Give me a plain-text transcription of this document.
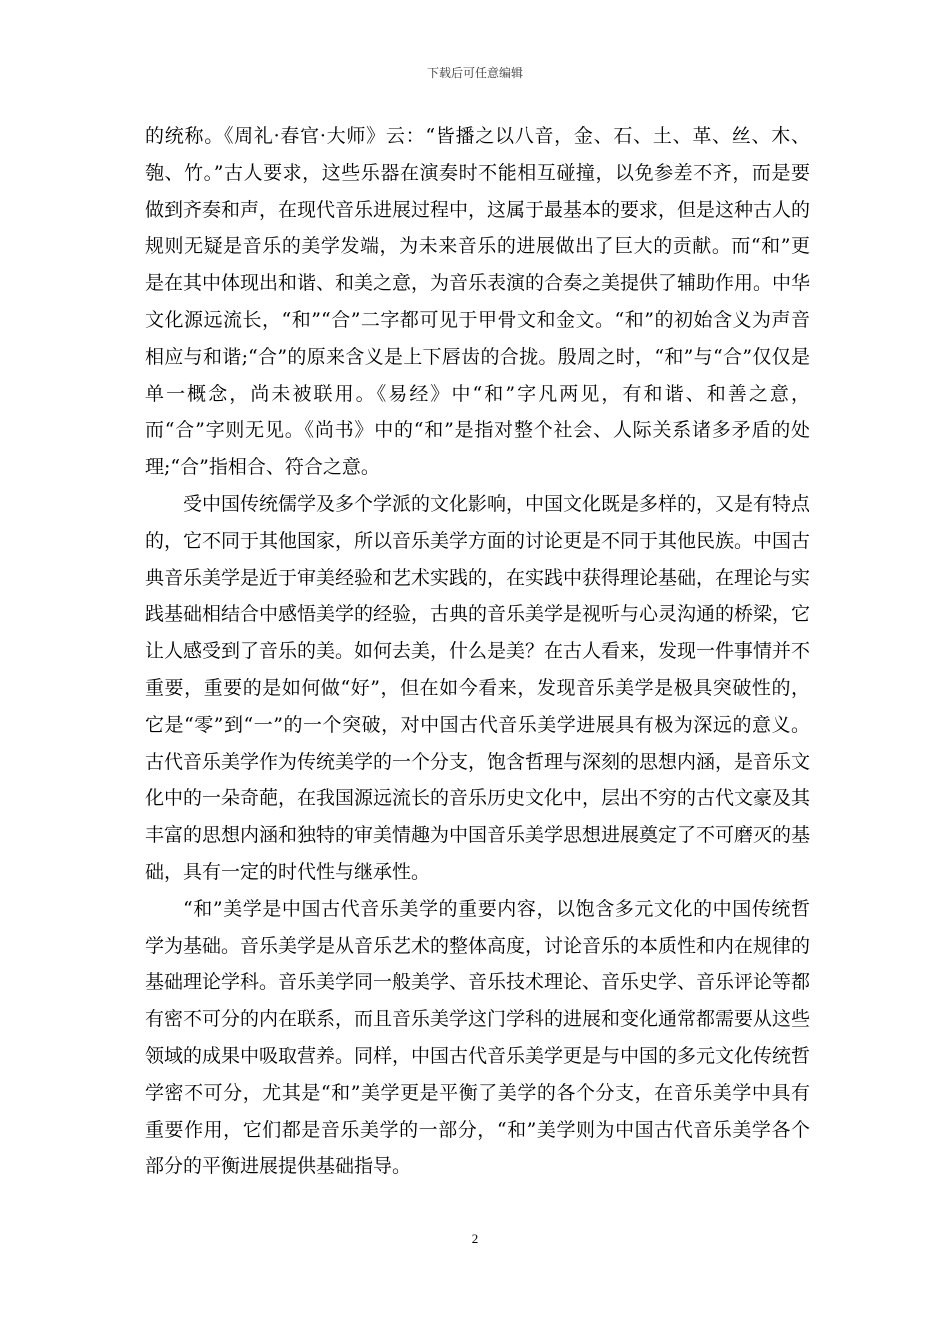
下载后可任意编辑

的统称。《周礼·春官·大师》云：“皆播之以八音，金、石、土、革、丝、木、匏、竹。”古人要求，这些乐器在演奏时不能相互碰撞，以免参差不齐，而是要做到齐奏和声，在现代音乐进展过程中，这属于最基本的要求，但是这种古人的规则无疑是音乐的美学发端，为未来音乐的进展做出了巨大的贡献。而“和”更是在其中体现出和谐、和美之意，为音乐表演的合奏之美提供了辅助作用。中华文化源远流长，“和”“合”二字都可见于甲骨文和金文。“和”的初始含义为声音相应与和谐;“合”的原来含义是上下唇齿的合拢。殷周之时，“和”与“合”仅仅是单一概念，尚未被联用。《易经》中“和”字凡两见，有和谐、和善之意，而“合”字则无见。《尚书》中的“和”是指对整个社会、人际关系诸多矛盾的处理;“合”指相合、符合之意。

受中国传统儒学及多个学派的文化影响，中国文化既是多样的，又是有特点的，它不同于其他国家，所以音乐美学方面的讨论更是不同于其他民族。中国古典音乐美学是近于审美经验和艺术实践的，在实践中获得理论基础，在理论与实践基础相结合中感悟美学的经验，古典的音乐美学是视听与心灵沟通的桥梁，它让人感受到了音乐的美。如何去美，什么是美？在古人看来，发现一件事情并不重要，重要的是如何做“好”，但在如今看来，发现音乐美学是极具突破性的，它是“零”到“一”的一个突破，对中国古代音乐美学进展具有极为深远的意义。古代音乐美学作为传统美学的一个分支，饱含哲理与深刻的思想内涵，是音乐文化中的一朵奇葩，在我国源远流长的音乐历史文化中，层出不穷的古代文豪及其丰富的思想内涵和独特的审美情趣为中国音乐美学思想进展奠定了不可磨灭的基础，具有一定的时代性与继承性。

“和”美学是中国古代音乐美学的重要内容，以饱含多元文化的中国传统哲学为基础。音乐美学是从音乐艺术的整体高度，讨论音乐的本质性和内在规律的基础理论学科。音乐美学同一般美学、音乐技术理论、音乐史学、音乐评论等都有密不可分的内在联系，而且音乐美学这门学科的进展和变化通常都需要从这些领域的成果中吸取营养。同样，中国古代音乐美学更是与中国的多元文化传统哲学密不可分，尤其是“和”美学更是平衡了美学的各个分支，在音乐美学中具有重要作用，它们都是音乐美学的一部分，“和”美学则为中国古代音乐美学各个部分的平衡进展提供基础指导。

2
